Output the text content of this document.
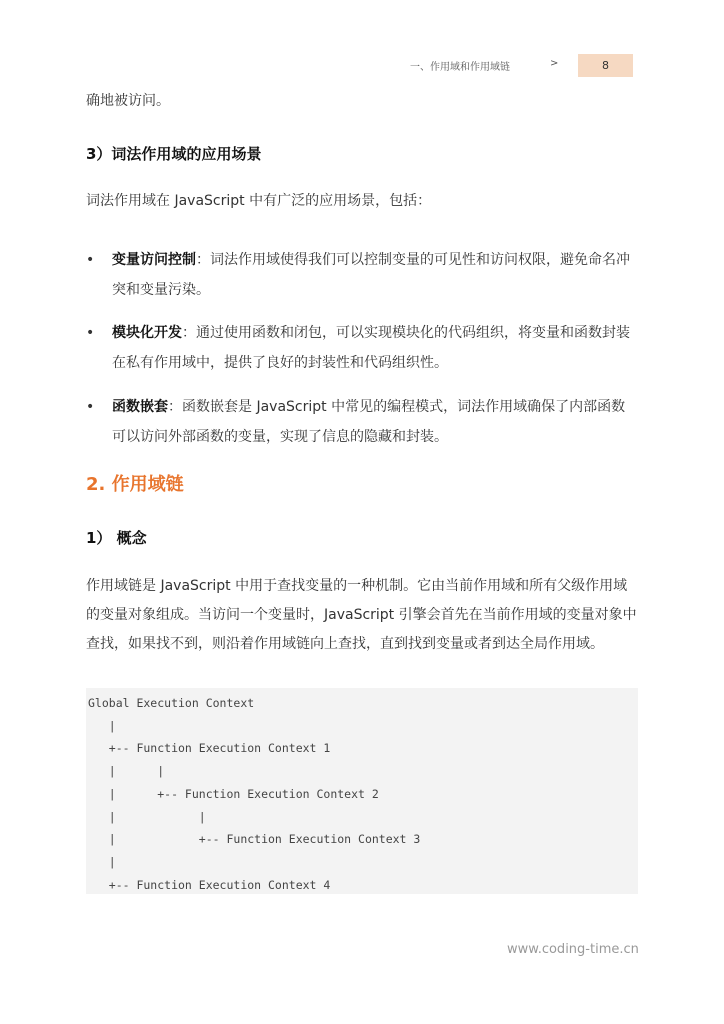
一、作用域和作用域链	>	8
确地被访问。
3）词法作用域的应用场景
词法作用域在 JavaScript 中有广泛的应用场景，包括：
• 变量访问控制：词法作用域使得我们可以控制变量的可见性和访问权限，避免命名冲突和变量污染。
• 模块化开发：通过使用函数和闭包，可以实现模块化的代码组织，将变量和函数封装在私有作用域中，提供了良好的封装性和代码组织性。
• 函数嵌套：函数嵌套是 JavaScript 中常见的编程模式，词法作用域确保了内部函数可以访问外部函数的变量，实现了信息的隐藏和封装。
2. 作用域链
1） 概念
作用域链是 JavaScript 中用于查找变量的一种机制。它由当前作用域和所有父级作用域的变量对象组成。当访问一个变量时，JavaScript 引擎会首先在当前作用域的变量对象中查找，如果找不到，则沿着作用域链向上查找，直到找到变量或者到达全局作用域。
Global Execution Context
|
+-- Function Execution Context 1
|      |
|      +-- Function Execution Context 2
|            |
|            +-- Function Execution Context 3
|
+-- Function Execution Context 4
www.coding-time.cn
